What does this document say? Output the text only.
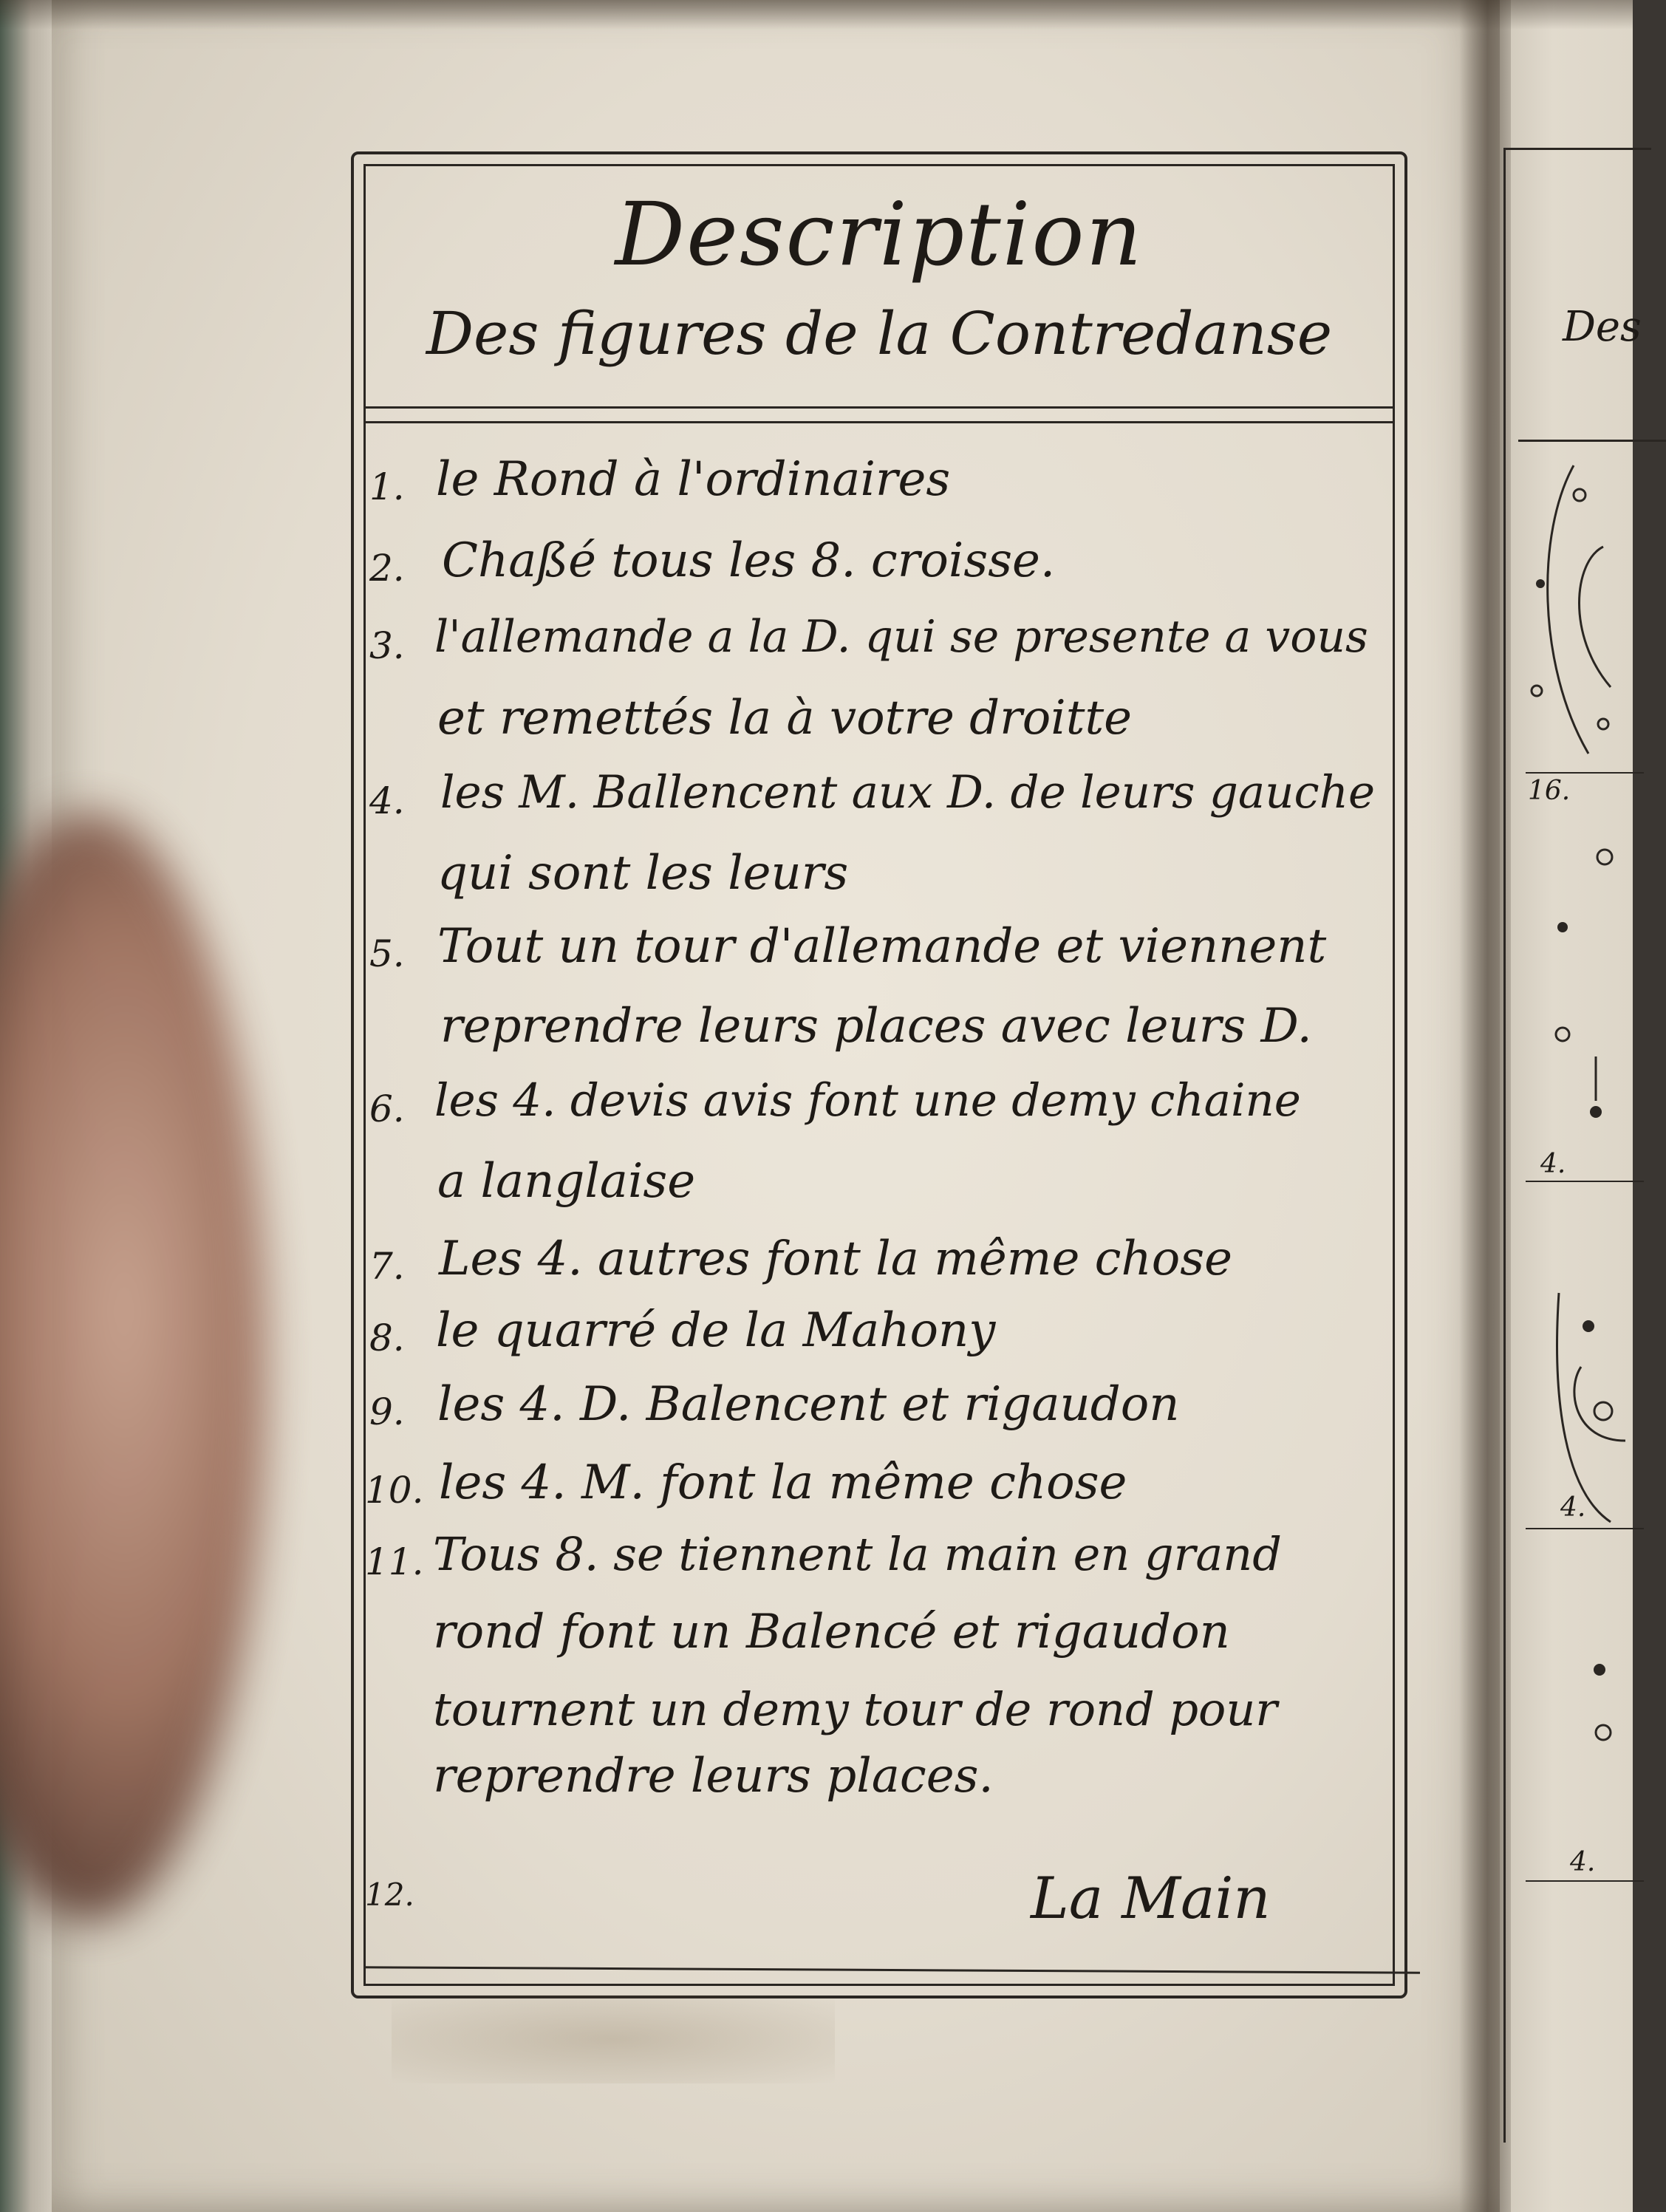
Description
Des figures de la Contredanse
1. le Rond à l'ordinaires
2. Chaßé tous les 8. croisse.
3. l'allemande a la D. qui se presente a vous
et remettés la à votre droitte
4. les M. Ballencent aux D. de leurs gauche
qui sont les leurs
5. Tout un tour d'allemande et viennent
reprendre leurs places avec leurs D.
6. les 4. devis avis font une demy chaine
a langlaise
7. Les 4. autres font la même chose
8. le quarré de la Mahony
9. les 4. D. Balencent et rigaudon
10. les 4. M. font la même chose
11. Tous 8. se tiennent la main en grand
rond font un Balencé et rigaudon
tournent un demy tour de rond pour
reprendre leurs places.
12.	La Main
Des
16.
4.
4.
4.
